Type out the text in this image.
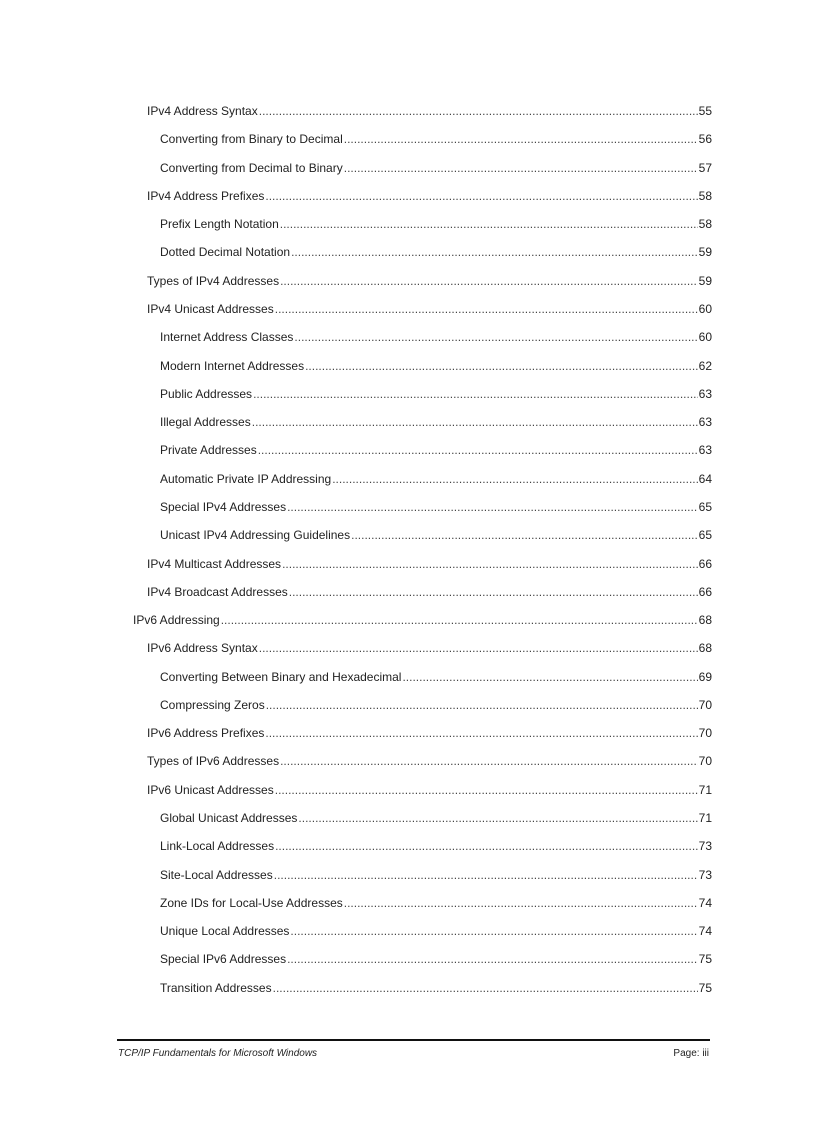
IPv4 Address Syntax .....	55
Converting from Binary to Decimal .....	56
Converting from Decimal to Binary .....	57
IPv4 Address Prefixes .....	58
Prefix Length Notation .....	58
Dotted Decimal Notation .....	59
Types of IPv4 Addresses .....	59
IPv4 Unicast Addresses .....	60
Internet Address Classes .....	60
Modern Internet Addresses .....	62
Public Addresses .....	63
Illegal Addresses .....	63
Private Addresses .....	63
Automatic Private IP Addressing .....	64
Special IPv4 Addresses .....	65
Unicast IPv4 Addressing Guidelines .....	65
IPv4 Multicast Addresses .....	66
IPv4 Broadcast Addresses .....	66
IPv6 Addressing .....	68
IPv6 Address Syntax .....	68
Converting Between Binary and Hexadecimal .....	69
Compressing Zeros .....	70
IPv6 Address Prefixes .....	70
Types of IPv6 Addresses .....	70
IPv6 Unicast Addresses .....	71
Global Unicast Addresses .....	71
Link-Local Addresses .....	73
Site-Local Addresses .....	73
Zone IDs for Local-Use Addresses .....	74
Unique Local Addresses .....	74
Special IPv6 Addresses .....	75
Transition Addresses .....	75
TCP/IP Fundamentals for Microsoft Windows	Page: iii
